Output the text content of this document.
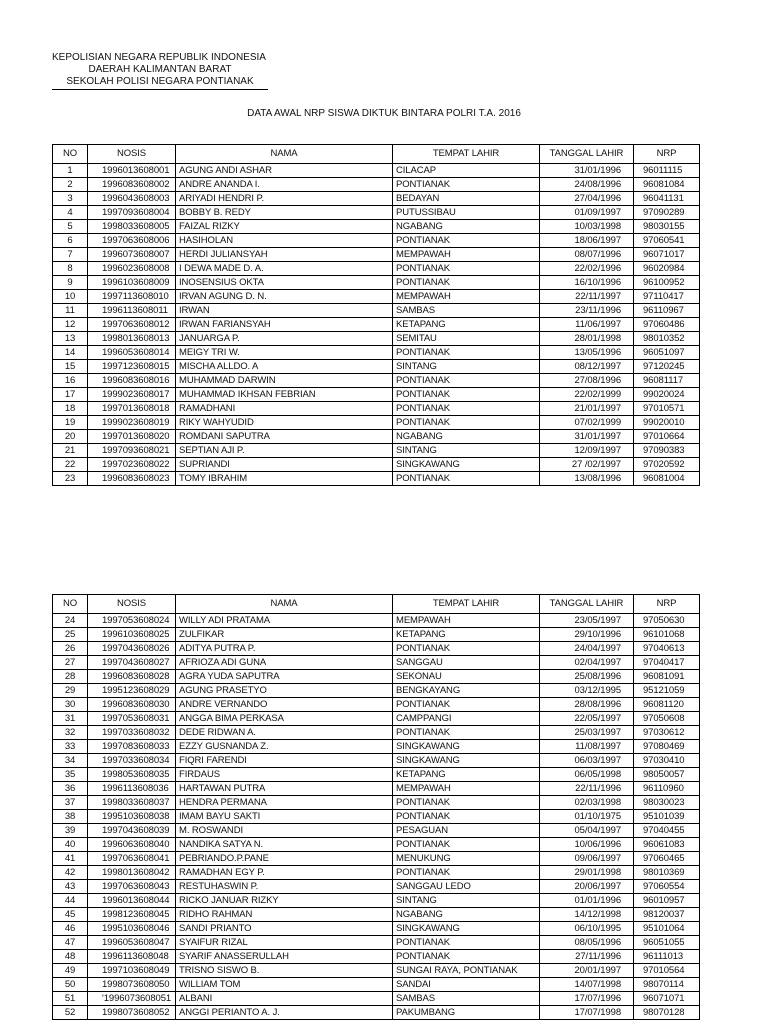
KEPOLISIAN NEGARA REPUBLIK INDONESIA
DAERAH KALIMANTAN BARAT
SEKOLAH POLISI NEGARA PONTIANAK
DATA AWAL NRP SISWA DIKTUK BINTARA POLRI T.A. 2016
NO	NOSIS	NAMA	TEMPAT LAHIR	TANGGAL LAHIR	NRP
1	1996013608001	AGUNG ANDI ASHAR	CILACAP	31/01/1996	96011115
2	1996083608002	ANDRE ANANDA I.	PONTIANAK	24/08/1996	96081084
3	1996043608003	ARIYADI HENDRI P.	BEDAYAN	27/04/1996	96041131
4	1997093608004	BOBBY B. REDY	PUTUSSIBAU	01/09/1997	97090289
5	1998033608005	FAIZAL RIZKY	NGABANG	10/03/1998	98030155
6	1997063608006	HASIHOLAN	PONTIANAK	18/06/1997	97060541
7	1996073608007	HERDI JULIANSYAH	MEMPAWAH	08/07/1996	96071017
8	1996023608008	I DEWA MADE D. A.	PONTIANAK	22/02/1996	96020984
9	1996103608009	INOSENSIUS OKTA	PONTIANAK	16/10/1996	96100952
10	1997113608010	IRVAN AGUNG D. N.	MEMPAWAH	22/11/1997	97110417
11	1996113608011	IRWAN	SAMBAS	23/11/1996	96110967
12	1997063608012	IRWAN FARIANSYAH	KETAPANG	11/06/1997	97060486
13	1998013608013	JANUARGA P.	SEMITAU	28/01/1998	98010352
14	1996053608014	MEIGY TRI W.	PONTIANAK	13/05/1996	96051097
15	1997123608015	MISCHA ALLDO. A	SINTANG	08/12/1997	97120245
16	1996083608016	MUHAMMAD DARWIN	PONTIANAK	27/08/1996	96081117
17	1999023608017	MUHAMMAD IKHSAN FEBRIAN	PONTIANAK	22/02/1999	99020024
18	1997013608018	RAMADHANI	PONTIANAK	21/01/1997	97010571
19	1999023608019	RIKY WAHYUDID	PONTIANAK	07/02/1999	99020010
20	1997013608020	ROMDANI SAPUTRA	NGABANG	31/01/1997	97010664
21	1997093608021	SEPTIAN AJI P.	SINTANG	12/09/1997	97090383
22	1997023608022	SUPRIANDI	SINGKAWANG	27 /02/1997	97020592
23	1996083608023	TOMY IBRAHIM	PONTIANAK	13/08/1996	96081004
NO	NOSIS	NAMA	TEMPAT LAHIR	TANGGAL LAHIR	NRP
24	1997053608024	WILLY ADI PRATAMA	MEMPAWAH	23/05/1997	97050630
25	1996103608025	ZULFIKAR	KETAPANG	29/10/1996	96101068
26	1997043608026	ADITYA PUTRA P.	PONTIANAK	24/04/1997	97040613
27	1997043608027	AFRIOZA ADI GUNA	SANGGAU	02/04/1997	97040417
28	1996083608028	AGRA YUDA SAPUTRA	SEKONAU	25/08/1996	96081091
29	1995123608029	AGUNG PRASETYO	BENGKAYANG	03/12/1995	95121059
30	1996083608030	ANDRE VERNANDO	PONTIANAK	28/08/1996	96081120
31	1997053608031	ANGGA BIMA PERKASA	CAMPPANGI	22/05/1997	97050608
32	1997033608032	DEDE RIDWAN A.	PONTIANAK	25/03/1997	97030612
33	1997083608033	EZZY GUSNANDA Z.	SINGKAWANG	11/08/1997	97080469
34	1997033608034	FIQRI FARENDI	SINGKAWANG	06/03/1997	97030410
35	1998053608035	FIRDAUS	KETAPANG	06/05/1998	98050057
36	1996113608036	HARTAWAN PUTRA	MEMPAWAH	22/11/1996	96110960
37	1998033608037	HENDRA PERMANA	PONTIANAK	02/03/1998	98030023
38	1995103608038	IMAM BAYU SAKTI	PONTIANAK	01/10/1975	95101039
39	1997043608039	M. ROSWANDI	PESAGUAN	05/04/1997	97040455
40	1996063608040	NANDIKA SATYA N.	PONTIANAK	10/06/1996	96061083
41	1997063608041	PEBRIANDO.P.PANE	MENUKUNG	09/06/1997	97060465
42	1998013608042	RAMADHAN EGY P.	PONTIANAK	29/01/1998	98010369
43	1997063608043	RESTUHASWIN P.	SANGGAU LEDO	20/06/1997	97060554
44	1996013608044	RICKO JANUAR RIZKY	SINTANG	01/01/1996	96010957
45	1998123608045	RIDHO RAHMAN	NGABANG	14/12/1998	98120037
46	1995103608046	SANDI PRIANTO	SINGKAWANG	06/10/1995	95101064
47	1996053608047	SYAIFUR RIZAL	PONTIANAK	08/05/1996	96051055
48	1996113608048	SYARIF ANASSERULLAH	PONTIANAK	27/11/1996	96111013
49	1997103608049	TRISNO SISWO B.	SUNGAI RAYA, PONTIANAK	20/01/1997	97010564
50	1998073608050	WILLIAM TOM	SANDAI	14/07/1998	98070114
51	'1996073608051	ALBANI	SAMBAS	17/07/1996	96071071
52	1998073608052	ANGGI PERIANTO A. J.	PAKUMBANG	17/07/1998	98070128
